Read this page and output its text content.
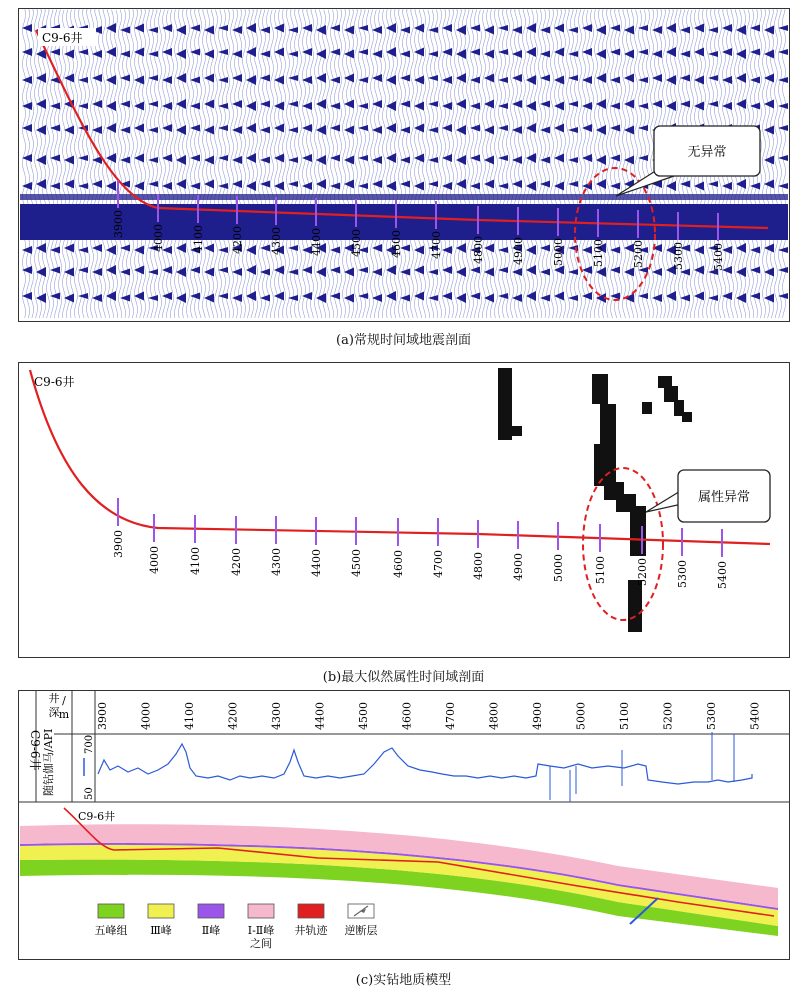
3900 4000 4100 4200 4300 4400 4500 4600 4700	4800 4900 5000 5100 5200 5300 5400
无异常
C9-6井
(a)常规时间域地震剖面
3900
4000	4100	4200 4300 4400 4500	4600 4700 4800 4900 5000	5100	5200 5300 5400
属性异常
C9-6井
(b)最大似然属性时间域剖面
井
深
/
m
C9-6井 随钻伽马/API	50
700
3900	4000	4100	4200	4300	4400	4500	4600	4700	4800	4900	5000	5100	5200	5300	5400
C9-6井
五峰组 Ⅲ峰	Ⅱ峰 Ⅰ-Ⅱ峰
之间
井轨迹 逆断层
(c)实钻地质模型
